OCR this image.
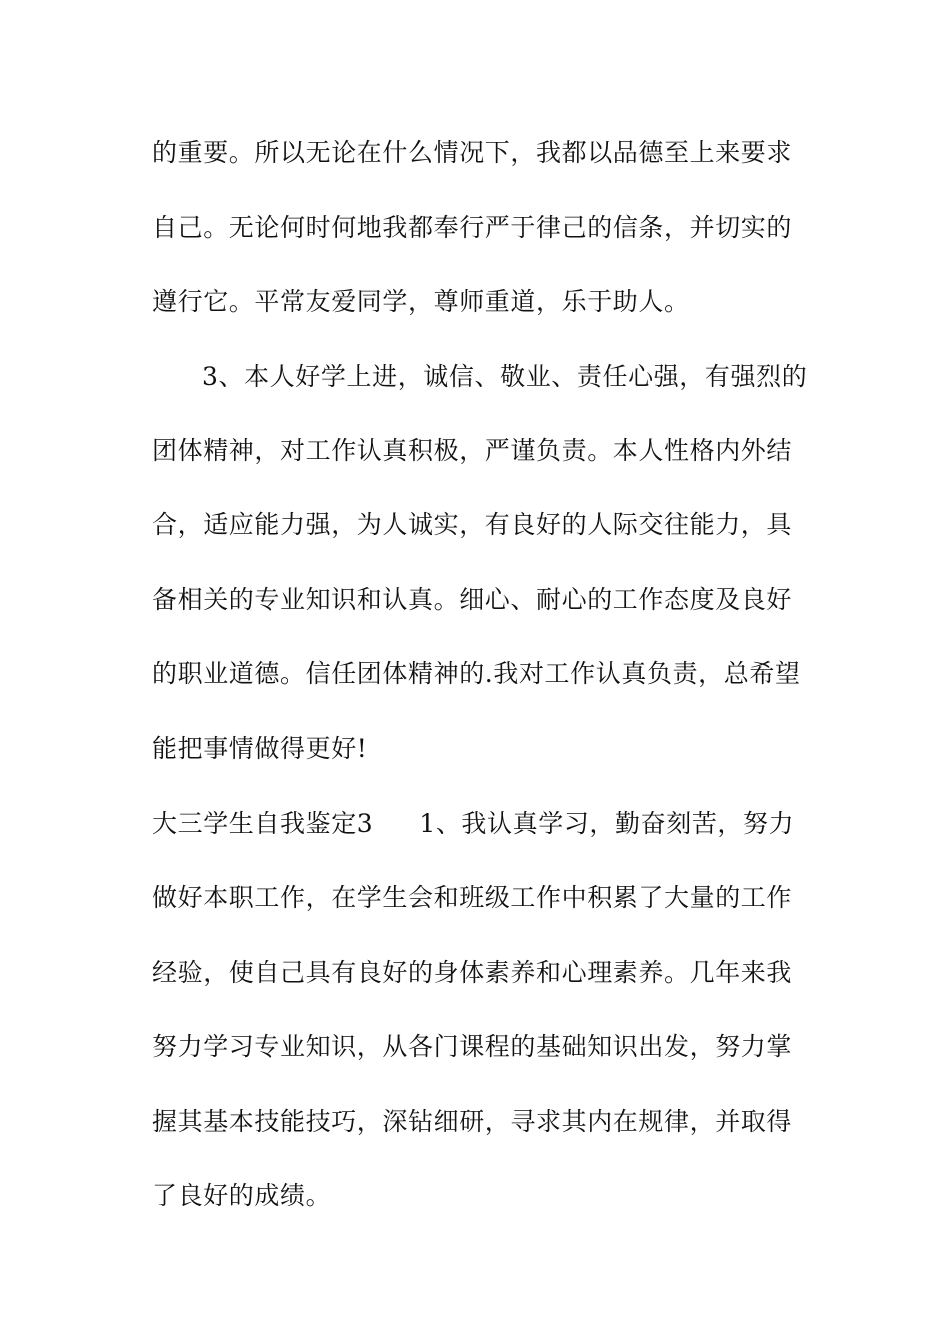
的重要。所以无论在什么情况下，我都以品德至上来要求
自己。无论何时何地我都奉行严于律己的信条，并切实的
遵行它。平常友爱同学，尊师重道，乐于助人。
3、本人好学上进，诚信、敬业、责任心强，有强烈的
团体精神，对工作认真积极，严谨负责。本人性格内外结
合，适应能力强，为人诚实，有良好的人际交往能力，具
备相关的专业知识和认真。细心、耐心的工作态度及良好
的职业道德。信任团体精神的.我对工作认真负责，总希望
能把事情做得更好!
大三学生自我鉴定3 1、我认真学习，勤奋刻苦，努力
做好本职工作，在学生会和班级工作中积累了大量的工作
经验，使自己具有良好的身体素养和心理素养。几年来我
努力学习专业知识，从各门课程的基础知识出发，努力掌
握其基本技能技巧，深钻细研，寻求其内在规律，并取得
了良好的成绩。
